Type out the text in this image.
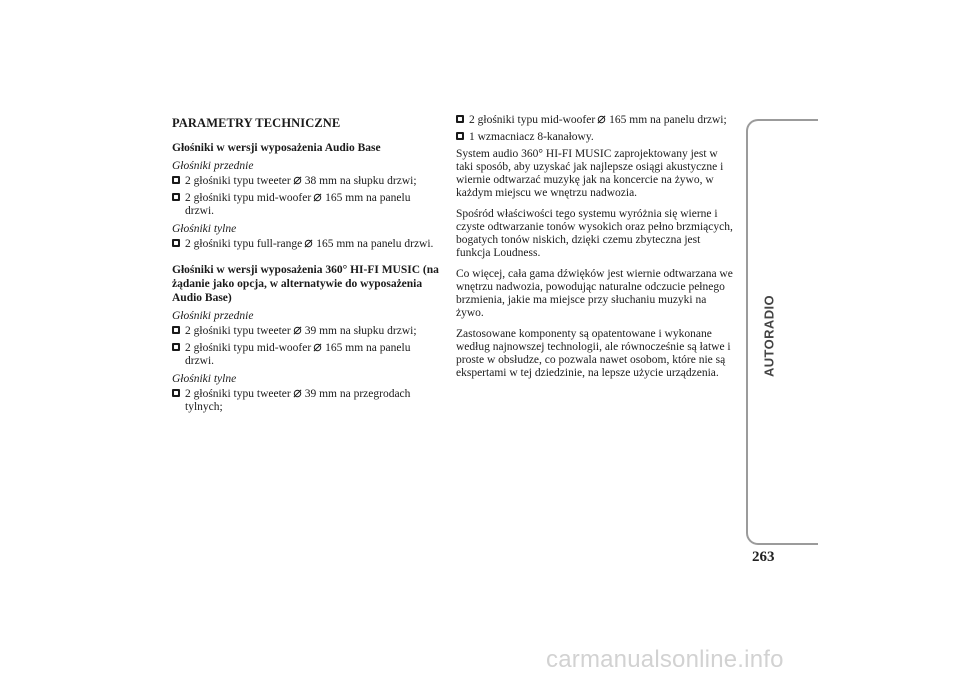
PARAMETRY TECHNICZNE
Głośniki w wersji wyposażenia Audio Base
Głośniki przednie
2 głośniki typu tweeter 38 mm na słupku drzwi;
2 głośniki typu mid-woofer 165 mm na panelu drzwi.
Głośniki tylne
2 głośniki typu full-range 165 mm na panelu drzwi.
Głośniki w wersji wyposażenia 360° HI-FI MUSIC (na żądanie jako opcja, w alternatywie do wyposażenia Audio Base)
Głośniki przednie
2 głośniki typu tweeter 39 mm na słupku drzwi;
2 głośniki typu mid-woofer 165 mm na panelu drzwi.
Głośniki tylne
2 głośniki typu tweeter 39 mm na przegrodach tylnych;
2 głośniki typu mid-woofer 165 mm na panelu drzwi;
1 wzmacniacz 8-kanałowy.

System audio 360° HI-FI MUSIC zaprojektowany jest w taki sposób, aby uzyskać jak najlepsze osiągi akustyczne i wiernie odtwarzać muzykę jak na koncercie na żywo, w każdym miejscu we wnętrzu nadwozia.

Spośród właściwości tego systemu wyróżnia się wierne i czyste odtwarzanie tonów wysokich oraz pełno brzmiących, bogatych tonów niskich, dzięki czemu zbyteczna jest funkcja Loudness.

Co więcej, cała gama dźwięków jest wiernie odtwarzana we wnętrzu nadwozia, powodując naturalne odczucie pełnego brzmienia, jakie ma miejsce przy słuchaniu muzyki na żywo.

Zastosowane komponenty są opatentowane i wykonane według najnowszej technologii, ale równocześnie są łatwe i proste w obsłudze, co pozwala nawet osobom, które nie są ekspertami w tej dziedzinie, na lepsze użycie urządzenia.	AUTORADIO
263
carmanualsonline.info
